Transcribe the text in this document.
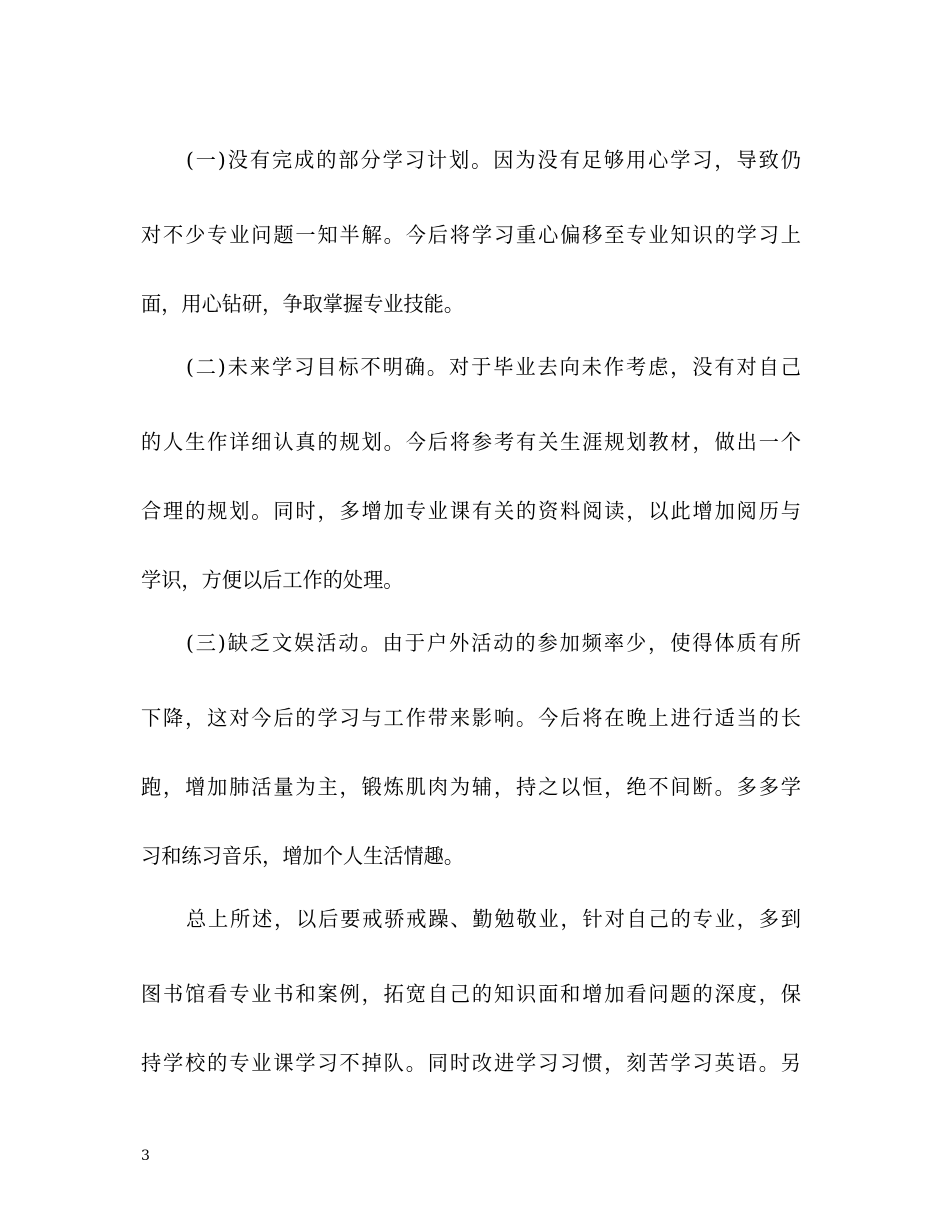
(一)没有完成的部分学习计划。因为没有足够用心学习，导致仍
对不少专业问题一知半解。今后将学习重心偏移至专业知识的学习上
面，用心钻研，争取掌握专业技能。
(二)未来学习目标不明确。对于毕业去向未作考虑，没有对自己
的人生作详细认真的规划。今后将参考有关生涯规划教材，做出一个
合理的规划。同时，多增加专业课有关的资料阅读，以此增加阅历与
学识，方便以后工作的处理。
(三)缺乏文娱活动。由于户外活动的参加频率少，使得体质有所
下降，这对今后的学习与工作带来影响。今后将在晚上进行适当的长
跑，增加肺活量为主，锻炼肌肉为辅，持之以恒，绝不间断。多多学
习和练习音乐，增加个人生活情趣。
总上所述，以后要戒骄戒躁、勤勉敬业，针对自己的专业，多到
图书馆看专业书和案例，拓宽自己的知识面和增加看问题的深度，保
持学校的专业课学习不掉队。同时改进学习习惯，刻苦学习英语。另
3
